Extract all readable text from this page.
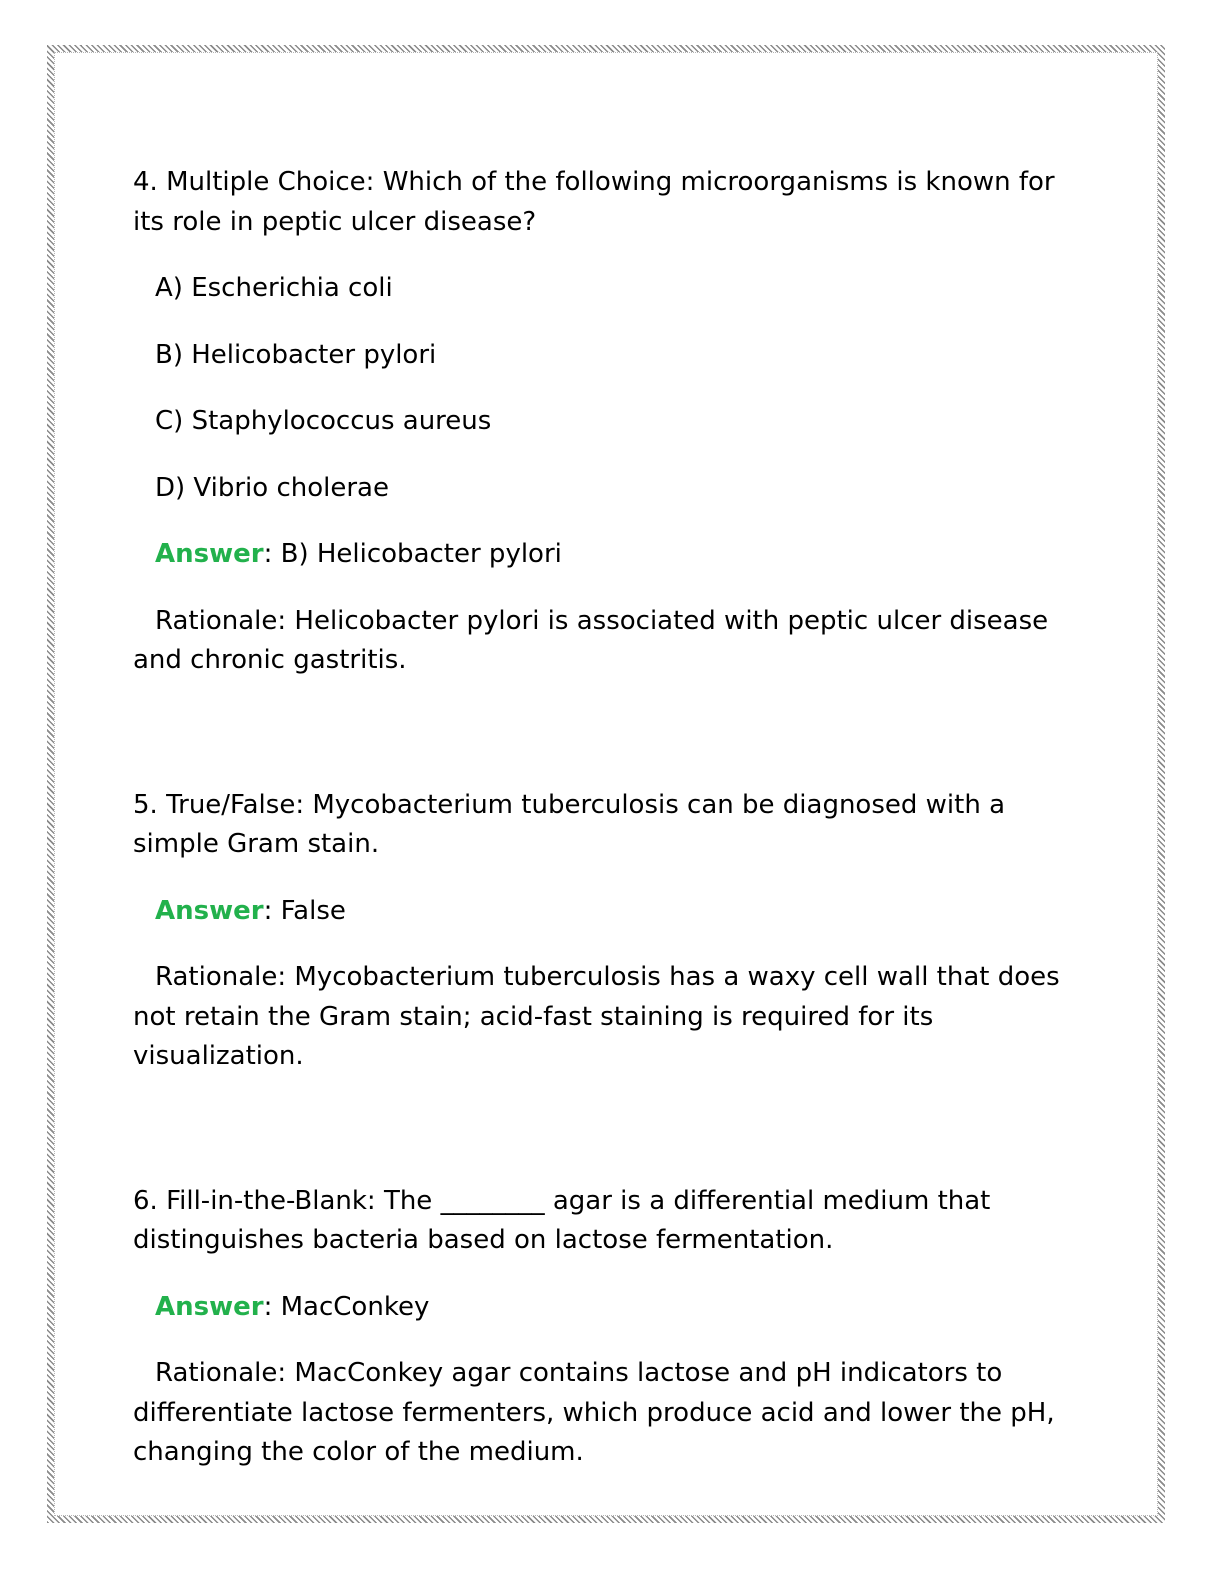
4. Multiple Choice: Which of the following microorganisms is known for its role in peptic ulcer disease?

A) Escherichia coli

B) Helicobacter pylori

C) Staphylococcus aureus

D) Vibrio cholerae

Answer: B) Helicobacter pylori

Rationale: Helicobacter pylori is associated with peptic ulcer disease and chronic gastritis.

5. True/False: Mycobacterium tuberculosis can be diagnosed with a simple Gram stain.

Answer: False

Rationale: Mycobacterium tuberculosis has a waxy cell wall that does not retain the Gram stain; acid-fast staining is required for its visualization.

6. Fill-in-the-Blank: The ________ agar is a differential medium that distinguishes bacteria based on lactose fermentation.

Answer: MacConkey

Rationale: MacConkey agar contains lactose and pH indicators to differentiate lactose fermenters, which produce acid and lower the pH, changing the color of the medium.
